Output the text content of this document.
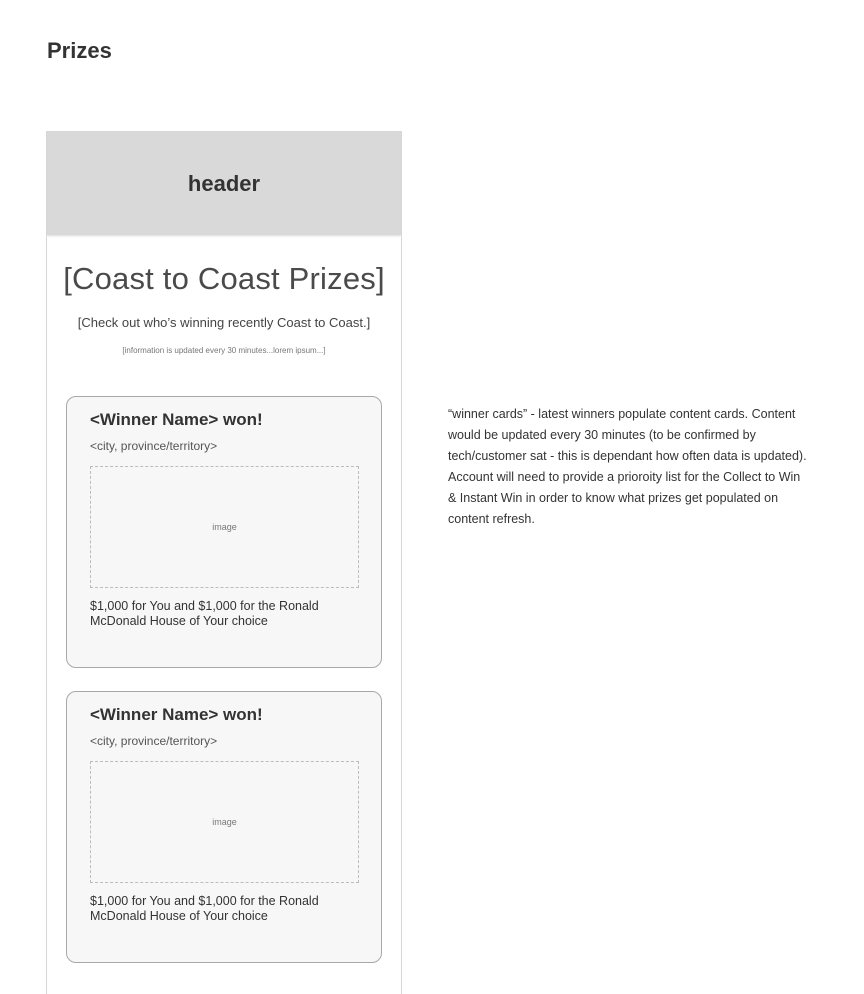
Prizes
header
[Coast to Coast Prizes]
[Check out who’s winning recently Coast to Coast.]
[information is updated every 30 minutes...lorem ipsum...]
<Winner Name> won!
<city, province/territory>
image
$1,000 for You and $1,000 for the Ronald McDonald House of Your choice
<Winner Name> won!
<city, province/territory>
image
$1,000 for You and $1,000 for the Ronald McDonald House of Your choice

“winner cards” - latest winners populate content cards. Content would be updated every 30 minutes (to be confirmed by tech/customer sat - this is dependant how often data is updated). Account will need to provide a prioroity list for the Collect to Win & Instant Win in order to know what prizes get populated on content refresh.
